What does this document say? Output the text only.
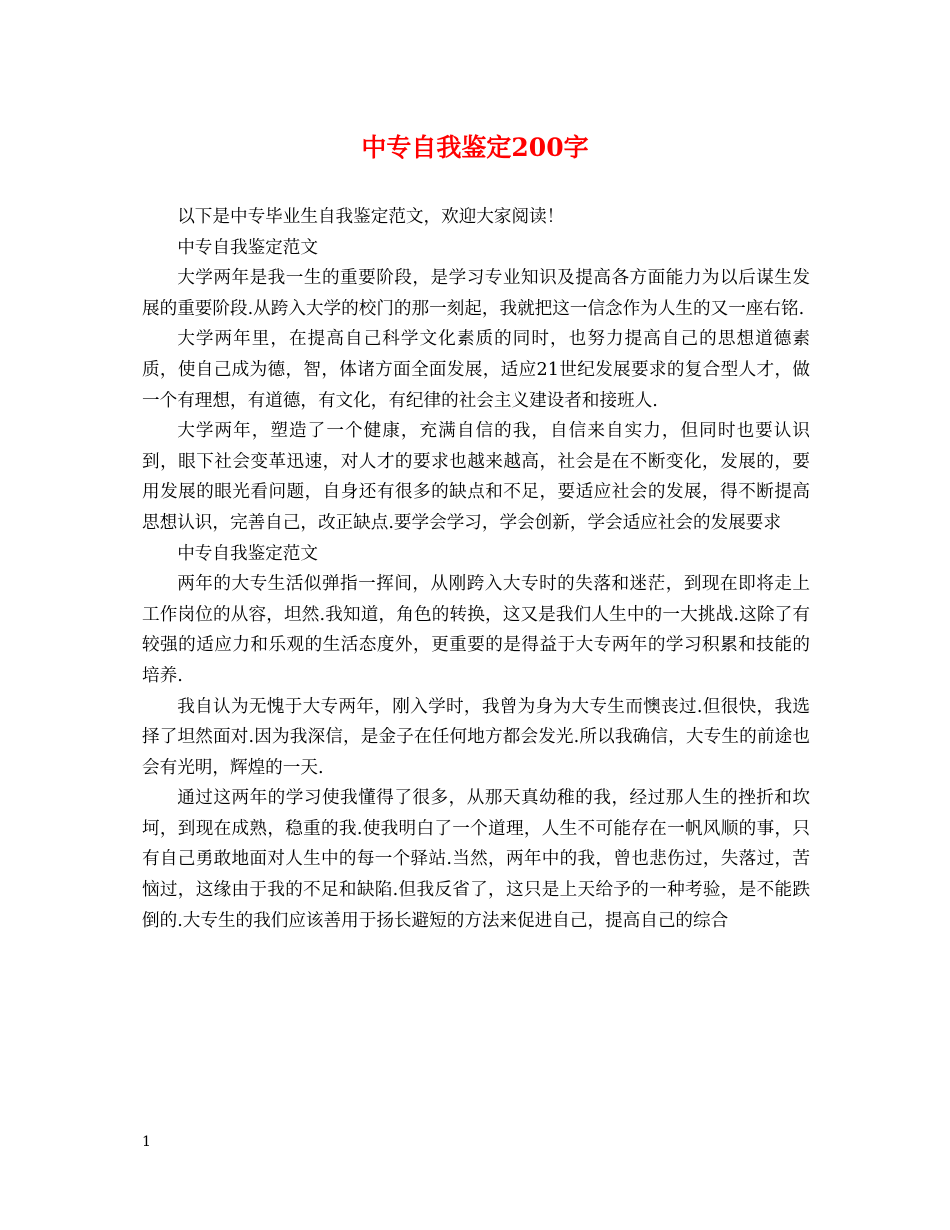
中专自我鉴定200字

以下是中专毕业生自我鉴定范文，欢迎大家阅读！

中专自我鉴定范文

大学两年是我一生的重要阶段，是学习专业知识及提高各方面能力为以后谋生发展的重要阶段.从跨入大学的校门的那一刻起，我就把这一信念作为人生的又一座右铭.

大学两年里，在提高自己科学文化素质的同时，也努力提高自己的思想道德素质，使自己成为德，智，体诸方面全面发展，适应21世纪发展要求的复合型人才，做一个有理想，有道德，有文化，有纪律的社会主义建设者和接班人.

大学两年，塑造了一个健康，充满自信的我，自信来自实力，但同时也要认识到，眼下社会变革迅速，对人才的要求也越来越高，社会是在不断变化，发展的，要用发展的眼光看问题，自身还有很多的缺点和不足，要适应社会的发展，得不断提高思想认识，完善自己，改正缺点.要学会学习，学会创新，学会适应社会的发展要求

中专自我鉴定范文

两年的大专生活似弹指一挥间，从刚跨入大专时的失落和迷茫，到现在即将走上工作岗位的从容，坦然.我知道，角色的转换，这又是我们人生中的一大挑战.这除了有较强的适应力和乐观的生活态度外，更重要的是得益于大专两年的学习积累和技能的培养.

我自认为无愧于大专两年，刚入学时，我曾为身为大专生而懊丧过.但很快，我选择了坦然面对.因为我深信，是金子在任何地方都会发光.所以我确信，大专生的前途也会有光明，辉煌的一天.

通过这两年的学习使我懂得了很多，从那天真幼稚的我，经过那人生的挫折和坎坷，到现在成熟，稳重的我.使我明白了一个道理，人生不可能存在一帆风顺的事，只有自己勇敢地面对人生中的每一个驿站.当然，两年中的我，曾也悲伤过，失落过，苦恼过，这缘由于我的不足和缺陷.但我反省了，这只是上天给予的一种考验，是不能跌倒的.大专生的我们应该善用于扬长避短的方法来促进自己，提高自己的综合

1
